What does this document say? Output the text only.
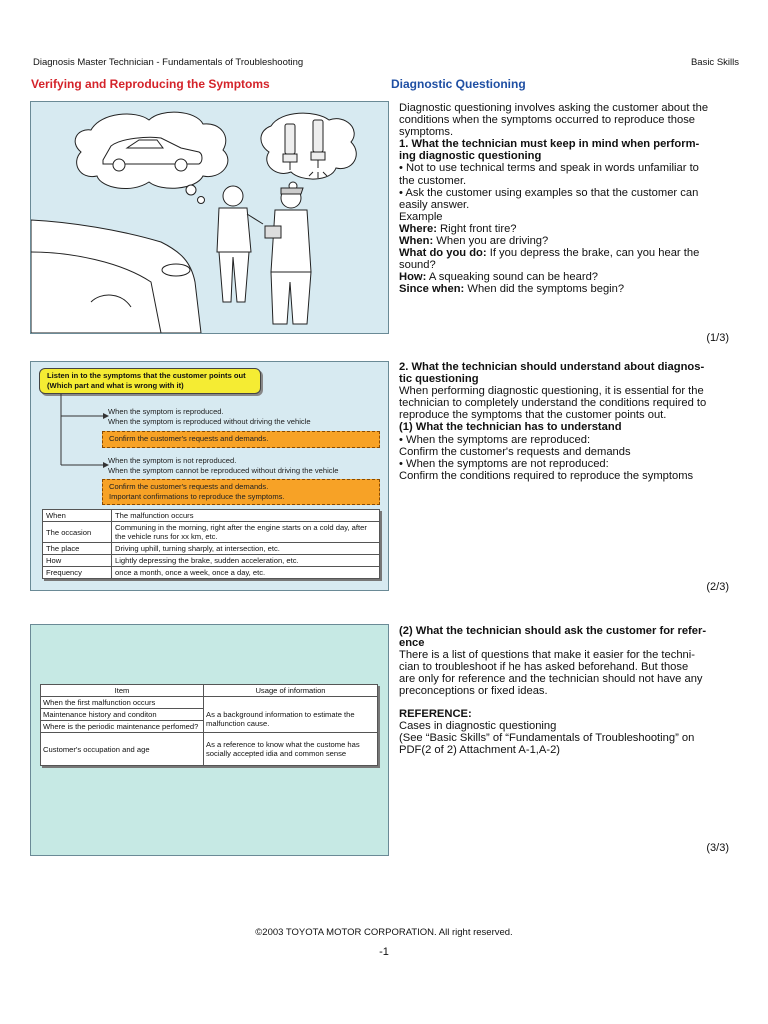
Diagnosis Master Technician - Fundamentals of Troubleshooting	Basic Skills
Verifying and Reproducing the Symptoms	Diagnostic Questioning

Diagnostic questioning involves asking the customer about the

conditions when the symptoms occurred to reproduce those

symptoms.

1. What the technician must keep in mind when perform-

ing diagnostic questioning

• Not to use technical terms and speak in words unfamiliar to

the customer.

• Ask the customer using examples so that the customer can

easily answer.

Example

Where: Right front tire?

When: When you are driving?

What do you do: If you depress the brake, can you hear the

sound?

How: A squeaking sound can be heard?

Since when: When did the symptoms begin?

(1/3)
Listen in to the symptoms that the customer points out
(Which part and what is wrong with it)
When the symptom is reproduced.
When the symptom is reproduced without driving the vehicle
Confirm the customer's requests and demands.
When the symptom is not reproduced.
When the symptom cannot be reproduced without driving the vehicle
Confirm the customer's requests and demands.
Important confirmations to reproduce the symptoms.
When	The malfunction occurs
The occasion	Communing in the morning, right after the engine starts on a cold day, after the vehicle runs for xx km, etc.
The place	Driving uphill, turning sharply, at intersection, etc.
How	Lightly depressing the brake, sudden acceleration, etc.
Frequency	once a month, once a week, once a day, etc.

2. What the technician should understand about diagnos-

tic questioning

When performing diagnostic questioning, it is essential for the

technician to completely understand the conditions required to

reproduce the symptoms that the customer points out.

(1) What the technician has to understand

• When the symptoms are reproduced:

Confirm the customer's requests and demands

• When the symptoms are not reproduced:

Confirm the conditions required to reproduce the symptoms

(2/3)
Item	Usage of information
When the first malfunction occurs	
Maintenance history and conditon	As a background information to estimate the malfunction cause.
Where is the periodic maintenance perfomed?	
Customer's occupation and age	As a reference to know what the custome has socially accepted idia and common sense

(2) What the technician should ask the customer for refer-

ence

There is a list of questions that make it easier for the techni-

cian to troubleshoot if he has asked beforehand. But those

are only for reference and the technician should not have any

preconceptions or fixed ideas.

REFERENCE:

Cases in diagnostic questioning

(See “Basic Skills” of “Fundamentals of Troubleshooting” on

PDF(2 of 2) Attachment A-1,A-2)

(3/3)
©2003 TOYOTA MOTOR CORPORATION. All right reserved.
-1
